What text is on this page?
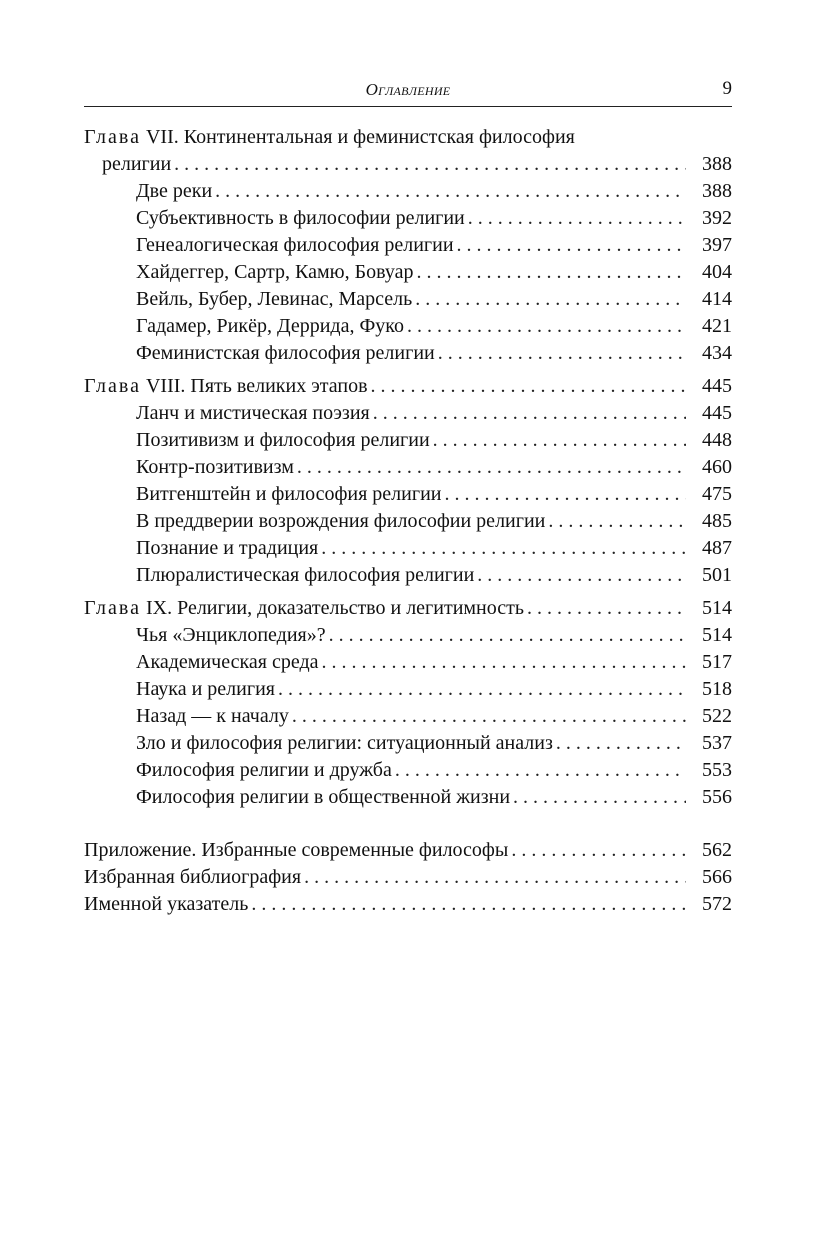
Оглавление	9
Глава VII. Континентальная и феминистская философия
религии . . .	388
Две реки . . .	388
Субъективность в философии религии . . .	392
Генеалогическая философия религии . . .	397
Хайдеггер, Сартр, Камю, Бовуар . . .	404
Вейль, Бубер, Левинас, Марсель . . .	414
Гадамер, Рикёр, Деррида, Фуко . . .	421
Феминистская философия религии . . .	434
Глава VIII. Пять великих этапов . . .	445
Ланч и мистическая поэзия . . .	445
Позитивизм и философия религии . . .	448
Контр-позитивизм . . .	460
Витгенштейн и философия религии . . .	475
В преддверии возрождения философии религии . . .	485
Познание и традиция . . .	487
Плюралистическая философия религии . . .	501
Глава IX. Религии, доказательство и легитимность . . .	514
Чья «Энциклопедия»? . . .	514
Академическая среда . . .	517
Наука и религия . . .	518
Назад — к началу . . .	522
Зло и философия религии: ситуационный анализ . . .	537
Философия религии и дружба . . .	553
Философия религии в общественной жизни . . .	556
Приложение. Избранные современные философы . . .	562
Избранная библиография . . .	566
Именной указатель . . .	572
